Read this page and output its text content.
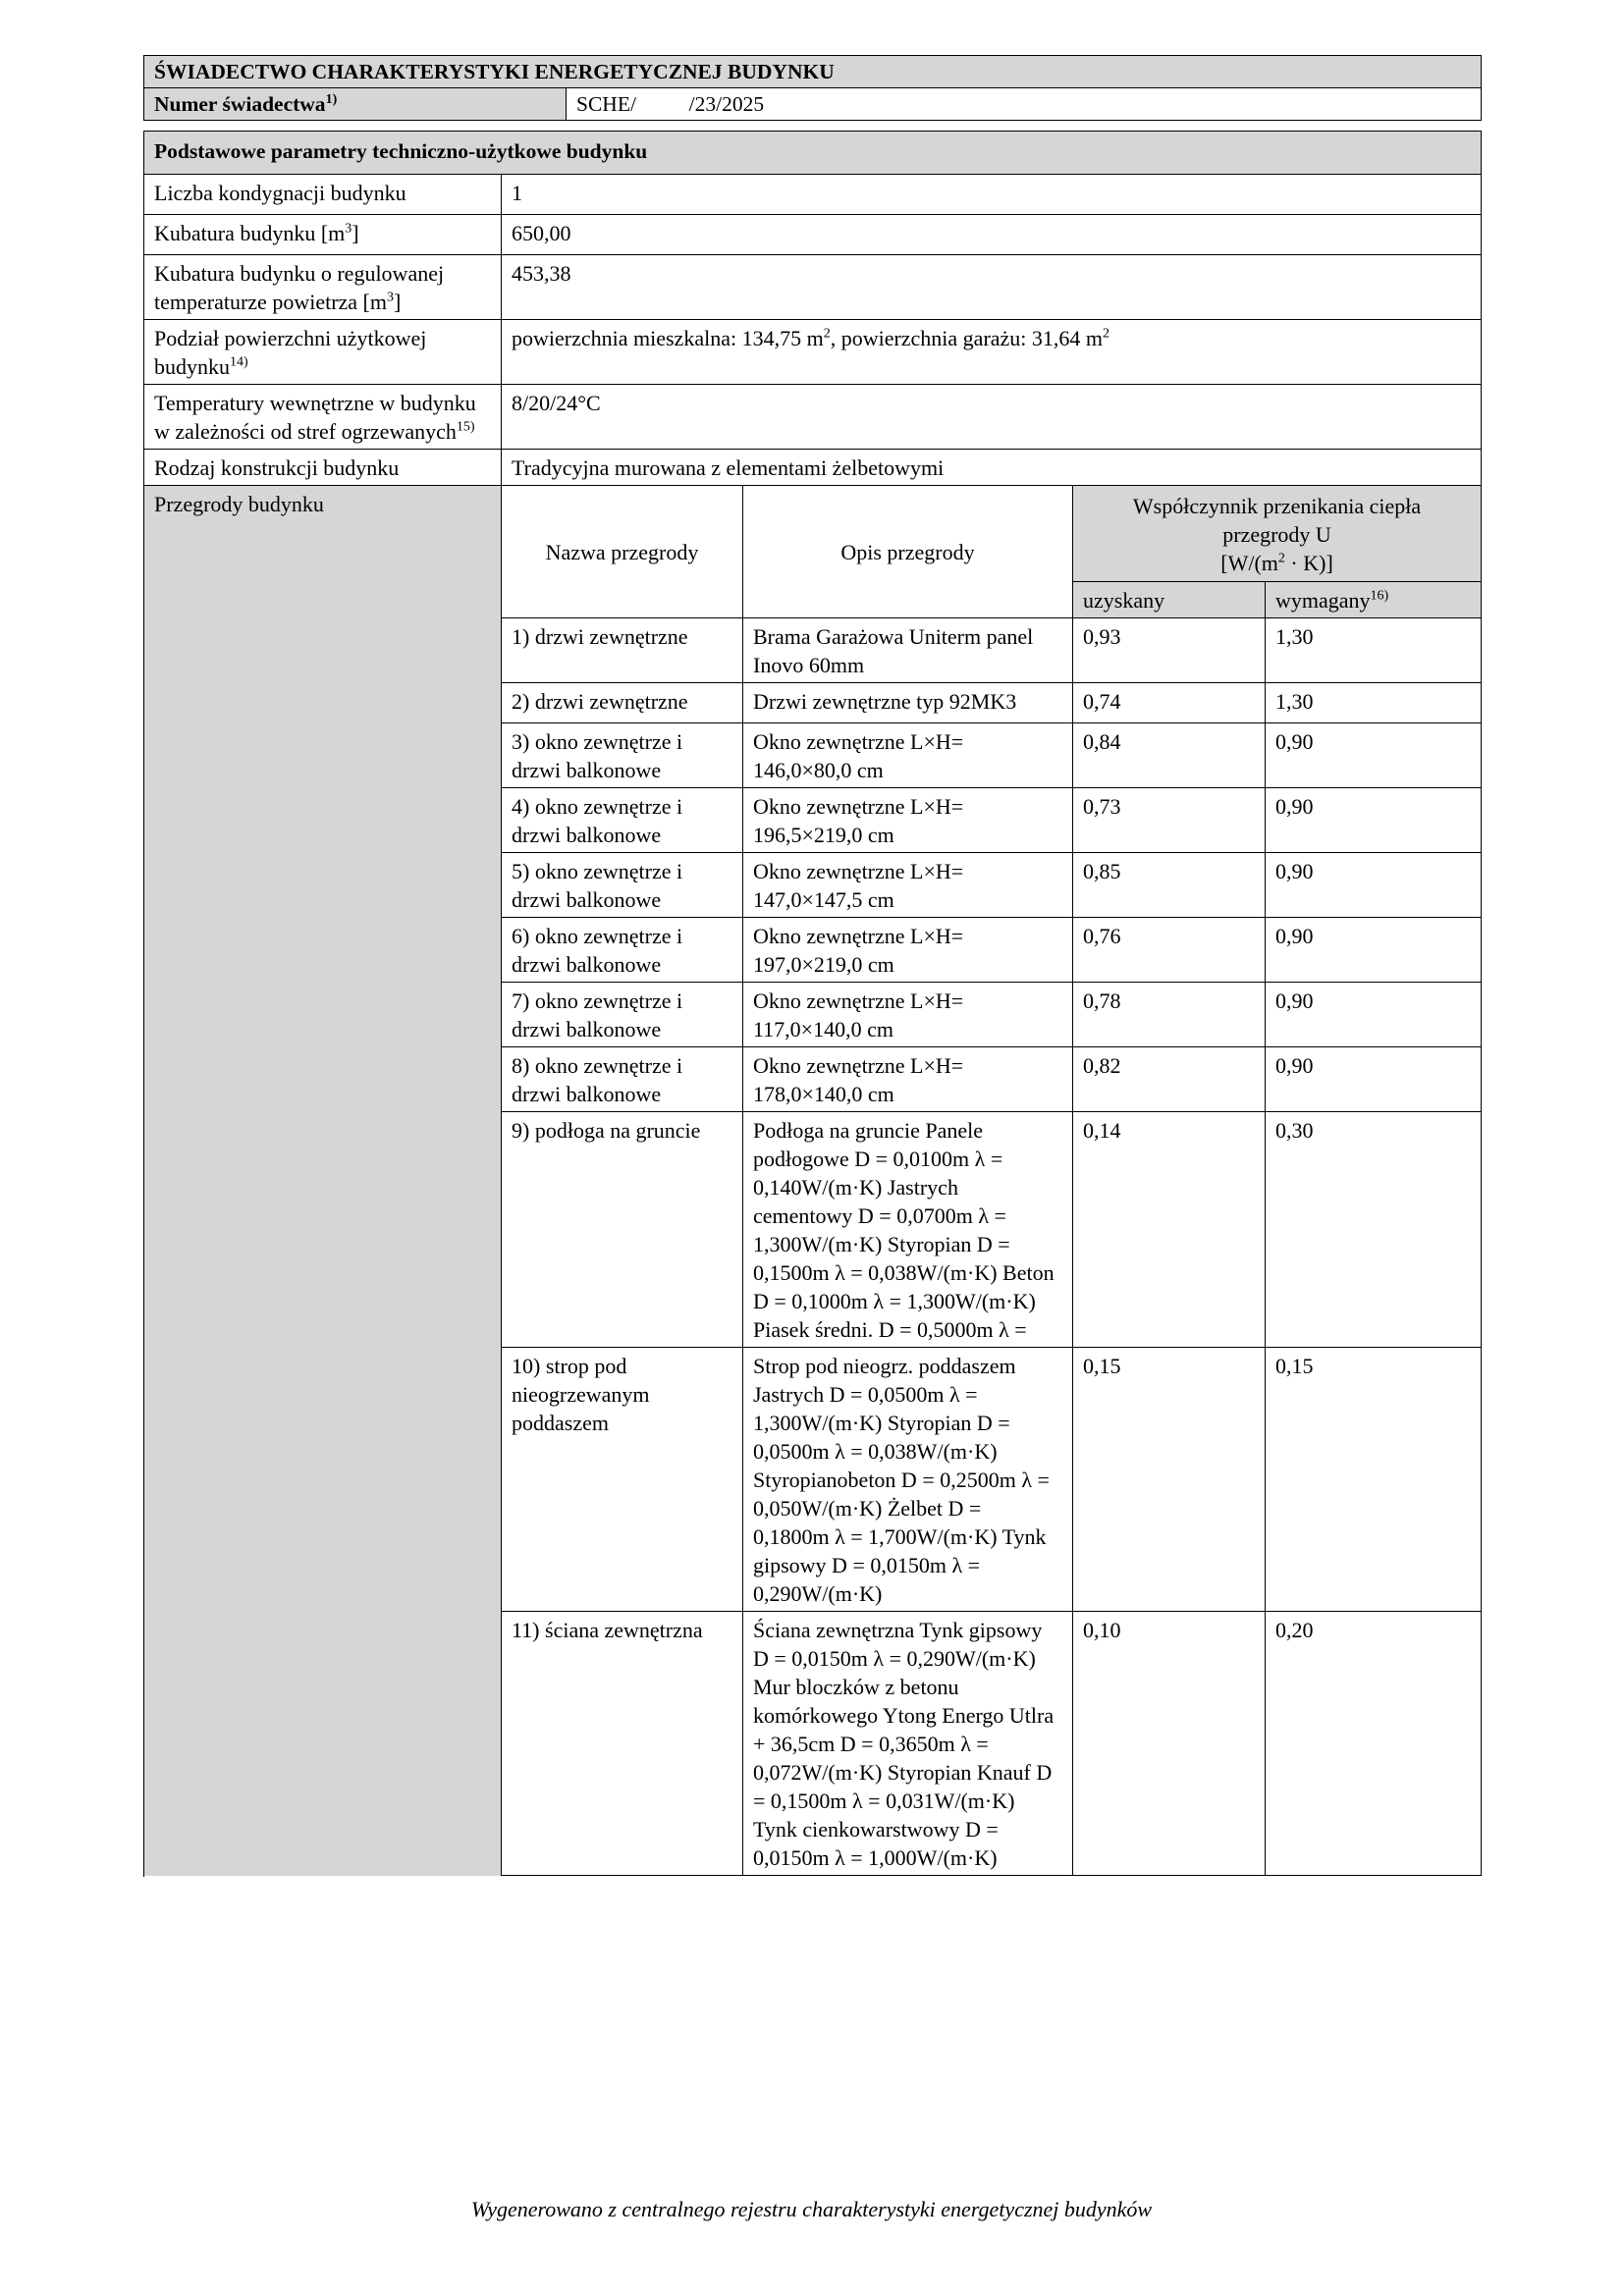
ŚWIADECTWO CHARAKTERYSTYKI ENERGETYCZNEJ BUDYNKU
Numer świadectwa$^{1)}$	SCHE/          /23/2025
Podstawowe parametry techniczno-użytkowe budynku				
Liczba kondygnacji budynku	1			
Kubatura budynku $[m^3]$	650,00			
Kubatura budynku o regulowanej temperaturze powietrza $[m^3]$	453,38			
Podział powierzchni użytkowej budynku$^{14)}$	powierzchnia mieszkalna: 134,75 $m^2$, powierzchnia garażu: 31,64 $m^2$
Temperatury wewnętrzne w budynku w zależności od stref ogrzewanych$^{15)}$	8/20/24°C			
Rodzaj konstrukcji budynku	Tradycyjna murowana z elementami żelbetowymi			
Przegrody budynku	Nazwa przegrody	Opis przegrody	Współczynnik przenikania ciepła przegrody U
$[W/(m^2 \cdot K)]$	

			uzyskany	wymagany$^{16)}$
	1) drzwi zewnętrzne	Brama Garażowa Uniterm panel Inovo 60mm	0,93	1,30
	2) drzwi zewnętrzne	Drzwi zewnętrzne typ 92MK3	0,74	1,30
	3) okno zewnętrze i drzwi balkonowe	Okno zewnętrzne L×H= 146,0×80,0 cm	0,84	0,90
	4) okno zewnętrze i drzwi balkonowe	Okno zewnętrzne L×H= 196,5×219,0 cm	0,73	0,90
	5) okno zewnętrze i drzwi balkonowe	Okno zewnętrzne L×H= 147,0×147,5 cm	0,85	0,90
	6) okno zewnętrze i drzwi balkonowe	Okno zewnętrzne L×H= 197,0×219,0 cm	0,76	0,90
	7) okno zewnętrze i drzwi balkonowe	Okno zewnętrzne L×H= 117,0×140,0 cm	0,78	0,90
	8) okno zewnętrze i drzwi balkonowe	Okno zewnętrzne L×H= 178,0×140,0 cm	0,82	0,90
	9) podłoga na gruncie	Podłoga na gruncie Panele podłogowe D = 0,0100m λ = 0,140W/(m·K) Jastrych cementowy D = 0,0700m λ = 1,300W/(m·K) Styropian D = 0,1500m λ = 0,038W/(m·K) Beton D = 0,1000m λ = 1,300W/(m·K) Piasek średni. D = 0,5000m λ =	0,14	0,30
	10) strop pod nieogrzewanym poddaszem	Strop pod nieogrz. poddaszem Jastrych D = 0,0500m λ = 1,300W/(m·K) Styropian D = 0,0500m λ = 0,038W/(m·K) Styropianobeton D = 0,2500m λ = 0,050W/(m·K) Żelbet D = 0,1800m λ = 1,700W/(m·K) Tynk gipsowy D = 0,0150m λ = 0,290W/(m·K)	0,15	0,15
	11) ściana zewnętrzna	Ściana zewnętrzna Tynk gipsowy D = 0,0150m λ = 0,290W/(m·K) Mur bloczków z betonu komórkowego Ytong Energo Utlra + 36,5cm D = 0,3650m λ = 0,072W/(m·K) Styropian Knauf D = 0,1500m λ = 0,031W/(m·K) Tynk cienkowarstwowy D = 0,0150m λ = 1,000W/(m·K)	0,10	0,20

Wygenerowano z centralnego rejestru charakterystyki energetycznej budynków
